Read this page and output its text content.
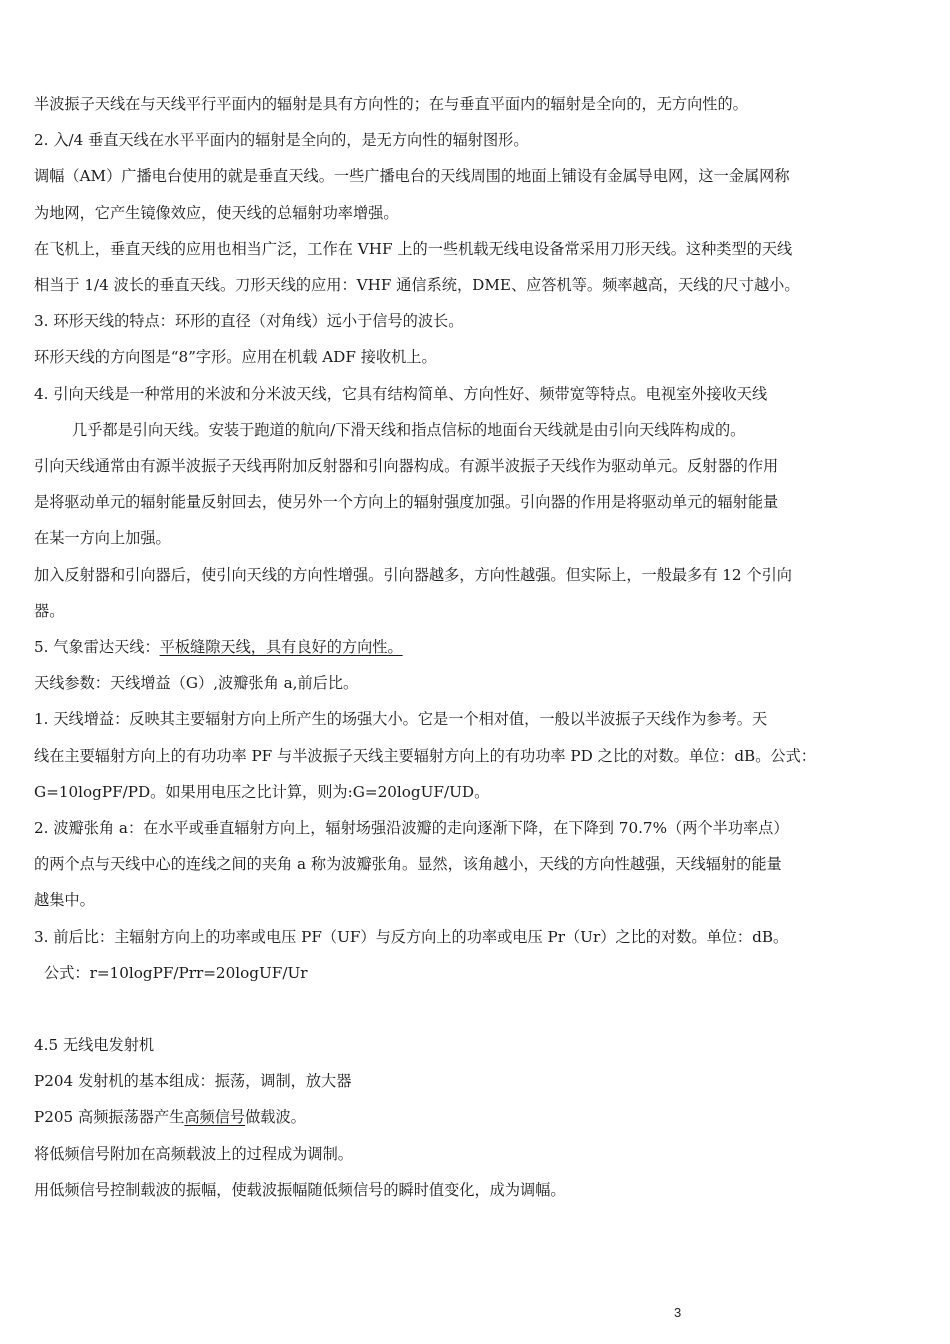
半波振子天线在与天线平行平面内的辐射是具有方向性的；在与垂直平面内的辐射是全向的，无方向性的。

2. 入/4 垂直天线在水平平面内的辐射是全向的，是无方向性的辐射图形。

调幅（AM）广播电台使用的就是垂直天线。一些广播电台的天线周围的地面上铺设有金属导电网，这一金属网称

为地网，它产生镜像效应，使天线的总辐射功率增强。

在飞机上，垂直天线的应用也相当广泛，工作在 VHF 上的一些机载无线电设备常采用刀形天线。这种类型的天线

相当于 1/4 波长的垂直天线。刀形天线的应用：VHF 通信系统，DME、应答机等。频率越高，天线的尺寸越小。

3. 环形天线的特点：环形的直径（对角线）远小于信号的波长。

环形天线的方向图是“8”字形。应用在机载 ADF 接收机上。

4. 引向天线是一种常用的米波和分米波天线，它具有结构简单、方向性好、频带宽等特点。电视室外接收天线

几乎都是引向天线。安装于跑道的航向/下滑天线和指点信标的地面台天线就是由引向天线阵构成的。

引向天线通常由有源半波振子天线再附加反射器和引向器构成。有源半波振子天线作为驱动单元。反射器的作用

是将驱动单元的辐射能量反射回去，使另外一个方向上的辐射强度加强。引向器的作用是将驱动单元的辐射能量

在某一方向上加强。

加入反射器和引向器后，使引向天线的方向性增强。引向器越多，方向性越强。但实际上，一般最多有 12 个引向

器。

5. 气象雷达天线：平板缝隙天线，具有良好的方向性。

天线参数：天线增益（G）,波瓣张角 a,前后比。

1. 天线增益：反映其主要辐射方向上所产生的场强大小。它是一个相对值，一般以半波振子天线作为参考。天

线在主要辐射方向上的有功功率 PF 与半波振子天线主要辐射方向上的有功功率 PD 之比的对数。单位：dB。公式：

G=10logPF/PD。如果用电压之比计算，则为:G=20logUF/UD。

2. 波瓣张角 a：在水平或垂直辐射方向上，辐射场强沿波瓣的走向逐渐下降，在下降到 70.7%（两个半功率点）

的两个点与天线中心的连线之间的夹角 a 称为波瓣张角。显然，该角越小，天线的方向性越强，天线辐射的能量

越集中。

3. 前后比：主辐射方向上的功率或电压 PF（UF）与反方向上的功率或电压 Pr（Ur）之比的对数。单位：dB。

公式：r=10logPF/Prr=20logUF/Ur

4.5 无线电发射机

P204 发射机的基本组成：振荡，调制，放大器

P205 高频振荡器产生高频信号做载波。

将低频信号附加在高频载波上的过程成为调制。

用低频信号控制载波的振幅，使载波振幅随低频信号的瞬时值变化，成为调幅。

3
